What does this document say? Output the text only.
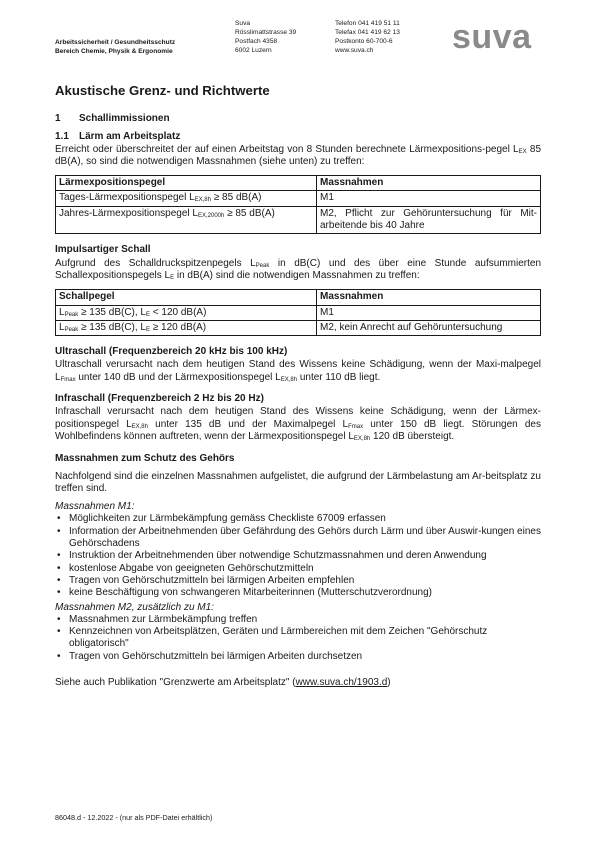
Arbeitssicherheit / Gesundheitsschutz
Bereich Chemie, Physik & Ergonomie
Suva
Rösslimattstrasse 39
Postfach 4358
6002 Luzern
Telefon 041 419 51 11
Telefax 041 419 62 13
Postkonto 60-700-6
www.suva.ch	suva
Akustische Grenz- und Richtwerte
1	Schallimmissionen
1.1	Lärm am Arbeitsplatz

Erreicht oder überschreitet der auf einen Arbeitstag von 8 Stunden berechnete Lärmexpositions-pegel $L_{EX}$ 85 dB(A), so sind die notwendigen Massnahmen (siehe unten) zu treffen:

Lärmexpositionspegel	Massnahmen
Tages-Lärmexpositionspegel $L_{EX,8h} \ge 85$ dB(A)	M1
Jahres-Lärmexpositionspegel $L_{EX,2000h} \ge 85$ dB(A)	M2, Pflicht zur Gehöruntersuchung für Mit-arbeitende bis 40 Jahre
Impulsartiger Schall

Aufgrund des Schalldruckspitzenpegels $L_{Peak}$ in dB(C) und des über eine Stunde aufsummierten Schallexpositionspegels $L_E$ in dB(A) sind die notwendigen Massnahmen zu treffen:

Schallpegel	Massnahmen
$L_{Peak} \ge 135$ dB(C), $L_E < 120$ dB(A)	M1
$L_{Peak} \ge 135$ dB(C), $L_E \ge 120$ dB(A)	M2, kein Anrecht auf Gehöruntersuchung
Ultraschall (Frequenzbereich 20 kHz bis 100 kHz)

Ultraschall verursacht nach dem heutigen Stand des Wissens keine Schädigung, wenn der Maxi-malpegel $L_{Fmax}$ unter 140 dB und der Lärmexpositionspegel $L_{EX,8h}$ unter 110 dB liegt.

Infraschall (Frequenzbereich 2 Hz bis 20 Hz)

Infraschall verursacht nach dem heutigen Stand des Wissens keine Schädigung, wenn der Lärmex-positionspegel $L_{EX,8h}$ unter 135 dB und der Maximalpegel $L_{Fmax}$ unter 150 dB liegt. Störungen des Wohlbefindens können auftreten, wenn der Lärmexpositionspegel $L_{EX,8h}$ 120 dB übersteigt.

Massnahmen zum Schutz des Gehörs

Nachfolgend sind die einzelnen Massnahmen aufgelistet, die aufgrund der Lärmbelastung am Ar-beitsplatz zu treffen sind.

Massnahmen M1:
• Möglichkeiten zur Lärmbekämpfung gemäss Checkliste 67009 erfassen
• Information der Arbeitnehmenden über Gefährdung des Gehörs durch Lärm und über Auswir-kungen eines Gehörschadens
• Instruktion der Arbeitnehmenden über notwendige Schutzmassnahmen und deren Anwendung
• kostenlose Abgabe von geeigneten Gehörschutzmitteln
• Tragen von Gehörschutzmitteln bei lärmigen Arbeiten empfehlen
• keine Beschäftigung von schwangeren Mitarbeiterinnen (Mutterschutzverordnung)
Massnahmen M2, zusätzlich zu M1:
• Massnahmen zur Lärmbekämpfung treffen
• Kennzeichnen von Arbeitsplätzen, Geräten und Lärmbereichen mit dem Zeichen "Gehörschutz obligatorisch"
• Tragen von Gehörschutzmitteln bei lärmigen Arbeiten durchsetzen

Siehe auch Publikation "Grenzwerte am Arbeitsplatz" (www.suva.ch/1903.d)

86048.d - 12.2022 - (nur als PDF-Datei erhältlich)
